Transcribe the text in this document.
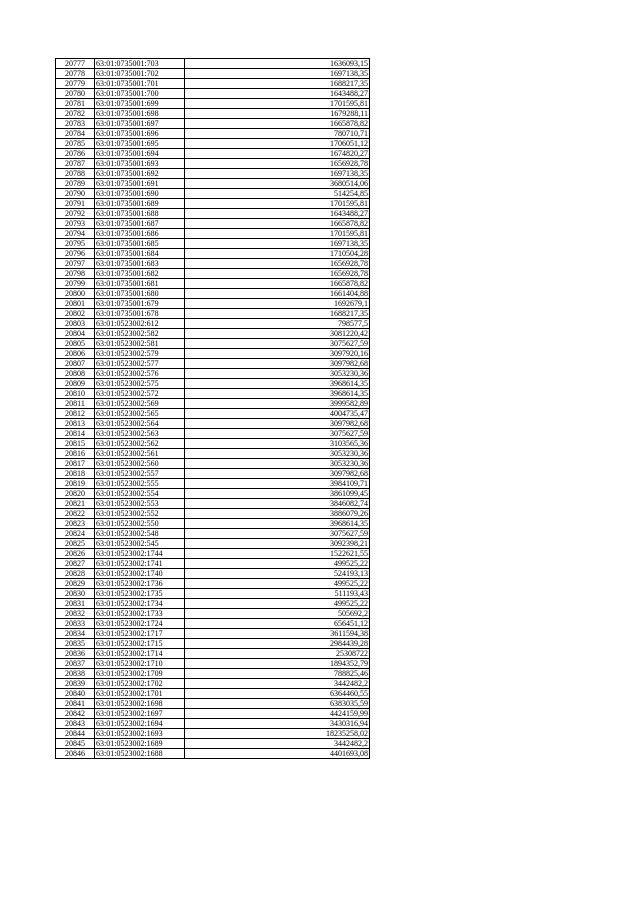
20777	63:01:0735001:703	1636093,15
20778	63:01:0735001:702	1697138,35
20779	63:01:0735001:701	1688217,35
20780	63:01:0735001:700	1643488,27
20781	63:01:0735001:699	1701595,81
20782	63:01:0735001:698	1679288,11
20783	63:01:0735001:697	1665878,82
20784	63:01:0735001:696	780710,71
20785	63:01:0735001:695	1706051,12
20786	63:01:0735001:694	1674820,27
20787	63:01:0735001:693	1656928,78
20788	63:01:0735001:692	1697138,35
20789	63:01:0735001:691	3680514,06
20790	63:01:0735001:690	514254,85
20791	63:01:0735001:689	1701595,81
20792	63:01:0735001:688	1643488,27
20793	63:01:0735001:687	1665878,82
20794	63:01:0735001:686	1701595,81
20795	63:01:0735001:685	1697138,35
20796	63:01:0735001:684	1710504,28
20797	63:01:0735001:683	1656928,78
20798	63:01:0735001:682	1656928,78
20799	63:01:0735001:681	1665878,82
20800	63:01:0735001:680	1661404,88
20801	63:01:0735001:679	1692679,1
20802	63:01:0735001:678	1688217,35
20803	63:01:0523002:612	798577,5
20804	63:01:0523002:582	3081220,42
20805	63:01:0523002:581	3075627,59
20806	63:01:0523002:579	3097920,16
20807	63:01:0523002:577	3097982,68
20808	63:01:0523002:576	3053230,36
20809	63:01:0523002:575	3968614,35
20810	63:01:0523002:572	3968614,35
20811	63:01:0523002:569	3999582,89
20812	63:01:0523002:565	4004735,47
20813	63:01:0523002:564	3097982,68
20814	63:01:0523002:563	3075627,59
20815	63:01:0523002:562	3103565,36
20816	63:01:0523002:561	3053230,36
20817	63:01:0523002:560	3053230,36
20818	63:01:0523002:557	3097982,68
20819	63:01:0523002:555	3984109,71
20820	63:01:0523002:554	3861099,45
20821	63:01:0523002:553	3846082,74
20822	63:01:0523002:552	3886079,26
20823	63:01:0523002:550	3968614,35
20824	63:01:0523002:548	3075627,59
20825	63:01:0523002:545	3092398,21
20826	63:01:0523002:1744	1522621,55
20827	63:01:0523002:1741	499525,22
20828	63:01:0523002:1740	524193,13
20829	63:01:0523002:1736	499525,22
20830	63:01:0523002:1735	511193,43
20831	63:01:0523002:1734	499525,22
20832	63:01:0523002:1733	505692,2
20833	63:01:0523002:1724	656451,12
20834	63:01:0523002:1717	3611594,38
20835	63:01:0523002:1715	2984439,28
20836	63:01:0523002:1714	25308722
20837	63:01:0523002:1710	1894352,79
20838	63:01:0523002:1709	788825,46
20839	63:01:0523002:1702	3442482,2
20840	63:01:0523002:1701	6364460,55
20841	63:01:0523002:1698	6383035,59
20842	63:01:0523002:1697	4424159,99
20843	63:01:0523002:1694	3430316,94
20844	63:01:0523002:1693	18235258,02
20845	63:01:0523002:1689	3442482,2
20846	63:01:0523002:1688	4401693,08
